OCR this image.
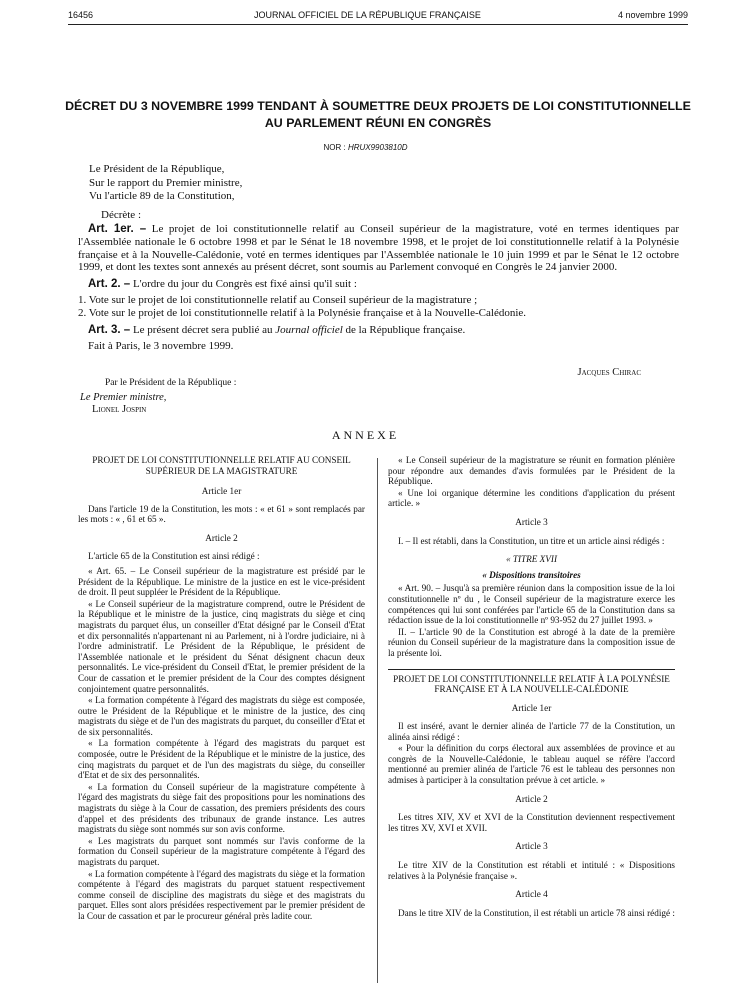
16456	JOURNAL OFFICIEL DE LA RÉPUBLIQUE FRANÇAISE	4 novembre 1999
DÉCRET DU 3 NOVEMBRE 1999 TENDANT À SOUMETTRE DEUX PROJETS DE LOI CONSTITUTIONNELLE
AU PARLEMENT RÉUNI EN CONGRÈS
NOR : HRUX9903810D

Le Président de la République,

Sur le rapport du Premier ministre,

Vu l'article 89 de la Constitution,

Décrète :

Art. 1er. – Le projet de loi constitutionnelle relatif au Conseil supérieur de la magistrature, voté en termes identiques par l'Assemblée nationale le 6 octobre 1998 et par le Sénat le 18 novembre 1998, et le projet de loi constitutionnelle relatif à la Polynésie française et à la Nouvelle-Calédonie, voté en termes identiques par l'Assemblée nationale le 10 juin 1999 et par le Sénat le 12 octobre 1999, et dont les textes sont annexés au présent décret, sont soumis au Parlement convoqué en Congrès le 24 janvier 2000.

Art. 2. – L'ordre du jour du Congrès est fixé ainsi qu'il suit :

1. Vote sur le projet de loi constitutionnelle relatif au Conseil supérieur de la magistrature ;

2. Vote sur le projet de loi constitutionnelle relatif à la Polynésie française et à la Nouvelle-Calédonie.

Art. 3. – Le présent décret sera publié au Journal officiel de la République française.

Fait à Paris, le 3 novembre 1999.

Jacques Chirac
Par le Président de la République :
Le Premier ministre,
Lionel Jospin
ANNEXE

PROJET DE LOI CONSTITUTIONNELLE RELATIF AU CONSEIL SUPÉRIEUR DE LA MAGISTRATURE

Article 1er

Dans l'article 19 de la Constitution, les mots : « et 61 » sont remplacés par les mots : « , 61 et 65 ».

Article 2

L'article 65 de la Constitution est ainsi rédigé :

« Art. 65. – Le Conseil supérieur de la magistrature est présidé par le Président de la République. Le ministre de la justice en est le vice-président de droit. Il peut suppléer le Président de la République.

« Le Conseil supérieur de la magistrature comprend, outre le Président de la République et le ministre de la justice, cinq magistrats du siège et cinq magistrats du parquet élus, un conseiller d'Etat désigné par le Conseil d'Etat et dix personnalités n'appartenant ni au Parlement, ni à l'ordre judiciaire, ni à l'ordre administratif. Le Président de la République, le président de l'Assemblée nationale et le président du Sénat désignent chacun deux personnalités. Le vice-président du Conseil d'Etat, le premier président de la Cour de cassation et le premier président de la Cour des comptes désignent conjointement quatre personnalités.

« La formation compétente à l'égard des magistrats du siège est composée, outre le Président de la République et le ministre de la justice, des cinq magistrats du siège et de l'un des magistrats du parquet, du conseiller d'Etat et de six personnalités.

« La formation compétente à l'égard des magistrats du parquet est composée, outre le Président de la République et le ministre de la justice, des cinq magistrats du parquet et de l'un des magistrats du siège, du conseiller d'Etat et de six des personnalités.

« La formation du Conseil supérieur de la magistrature compétente à l'égard des magistrats du siège fait des propositions pour les nominations des magistrats du siège à la Cour de cassation, des premiers présidents des cours d'appel et des présidents des tribunaux de grande instance. Les autres magistrats du siège sont nommés sur son avis conforme.

« Les magistrats du parquet sont nommés sur l'avis conforme de la formation du Conseil supérieur de la magistrature compétente à l'égard des magistrats du parquet.

« La formation compétente à l'égard des magistrats du siège et la formation compétente à l'égard des magistrats du parquet statuent respectivement comme conseil de discipline des magistrats du siège et des magistrats du parquet. Elles sont alors présidées respectivement par le premier président de la Cour de cassation et par le procureur général près ladite cour.

« Le Conseil supérieur de la magistrature se réunit en formation plénière pour répondre aux demandes d'avis formulées par le Président de la République.

« Une loi organique détermine les conditions d'application du présent article. »

Article 3

I. – Il est rétabli, dans la Constitution, un titre et un article ainsi rédigés :

« TITRE XVII

« Dispositions transitoires

« Art. 90. – Jusqu'à sa première réunion dans la composition issue de la loi constitutionnelle nº du , le Conseil supérieur de la magistrature exerce les compétences qui lui sont conférées par l'article 65 de la Constitution dans sa rédaction issue de la loi constitutionnelle nº 93-952 du 27 juillet 1993. »

II. – L'article 90 de la Constitution est abrogé à la date de la première réunion du Conseil supérieur de la magistrature dans la composition issue de la présente loi.

PROJET DE LOI CONSTITUTIONNELLE RELATIF À LA POLYNÉSIE FRANÇAISE ET À LA NOUVELLE-CALÉDONIE

Article 1er

Il est inséré, avant le dernier alinéa de l'article 77 de la Constitution, un alinéa ainsi rédigé :

« Pour la définition du corps électoral aux assemblées de province et au congrès de la Nouvelle-Calédonie, le tableau auquel se réfère l'accord mentionné au premier alinéa de l'article 76 est le tableau des personnes non admises à participer à la consultation prévue à cet article. »

Article 2

Les titres XIV, XV et XVI de la Constitution deviennent respectivement les titres XV, XVI et XVII.

Article 3

Le titre XIV de la Constitution est rétabli et intitulé : « Dispositions relatives à la Polynésie française ».

Article 4

Dans le titre XIV de la Constitution, il est rétabli un article 78 ainsi rédigé :
